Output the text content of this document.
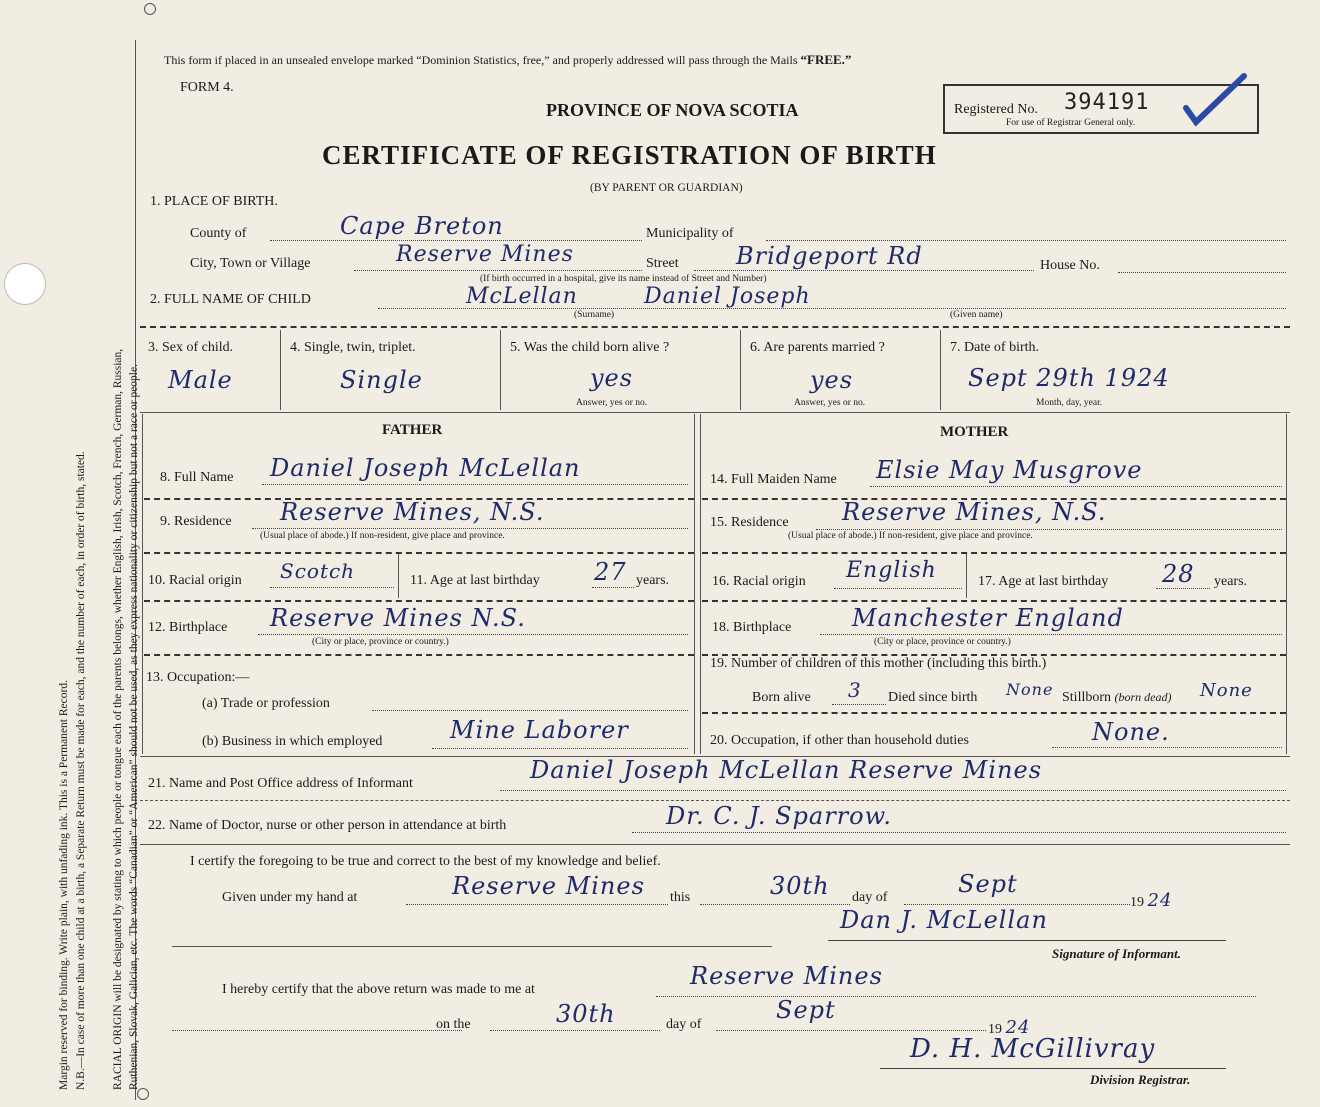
Margin reserved for binding. Write plain, with unfading ink. This is a Permanent Record. N.B.—In case of more than one child at a birth, a Separate Return must be made for each, and the number of each, in order of birth, stated. RACIAL ORIGIN will be designated by stating to which people or tongue each of the parents belongs, whether English, Irish, Scotch, French, German, Russian, Ruthenian, Slovak, Galician, etc. The words “Canadian” or “American” should not be used, as they express nationality or citizenship but not a race or people.
This form if placed in an unsealed envelope marked “Dominion Statistics, free,” and properly addressed will pass through the Mails “FREE.”
FORM 4.
PROVINCE OF NOVA SCOTIA
CERTIFICATE OF REGISTRATION OF BIRTH
(BY PARENT OR GUARDIAN)
Registered No. 394191
For use of Registrar General only.
1. PLACE OF BIRTH.
County of	Cape Breton	Municipality of
City, Town or Village	Reserve Mines	Street Bridgeport Rd	House No.
(If birth occurred in a hospital, give its name instead of Street and Number)
2. FULL NAME OF CHILD	McLellan	Daniel Joseph
(Surname)	(Given name)
3. Sex of child.
Male
4. Single, twin, triplet.
Single
5. Was the child born alive ?
yes
Answer, yes or no.
6. Are parents married ?
yes
Answer, yes or no.
7. Date of birth.
Sept 29th 1924
Month, day, year.
FATHER	MOTHER
8. Full Name Daniel Joseph McLellan
9. Residence Reserve Mines, N.S.
(Usual place of abode.) If non-resident, give place and province.
10. Racial origin Scotch	11. Age at last birthday 27 years.
12. Birthplace Reserve Mines N.S.
(City or place, province or country.)
13. Occupation:—
(a) Trade or profession
(b) Business in which employed	Mine Laborer
14. Full Maiden Name Elsie May Musgrove
15. Residence Reserve Mines, N.S.
(Usual place of abode.) If non-resident, give place and province.
16. Racial origin English	17. Age at last birthday 28 years.
18. Birthplace	Manchester England
(City or place, province or country.)
19. Number of children of this mother (including this birth.)
Born alive 3 Died since birth None Stillborn (born dead) None
20. Occupation, if other than household duties	None.
21. Name and Post Office address of Informant	Daniel Joseph McLellan Reserve Mines
22. Name of Doctor, nurse or other person in attendance at birth	Dr. C. J. Sparrow.
I certify the foregoing to be true and correct to the best of my knowledge and belief.
Given under my hand at	Reserve Mines this	30th day of	Sept
19 24
Dan J. McLellan
Signature of Informant.
I hereby certify that the above return was made to me at	Reserve Mines
on the	30th	day of
Sept
19 24
D. H. McGillivray
Division Registrar.
